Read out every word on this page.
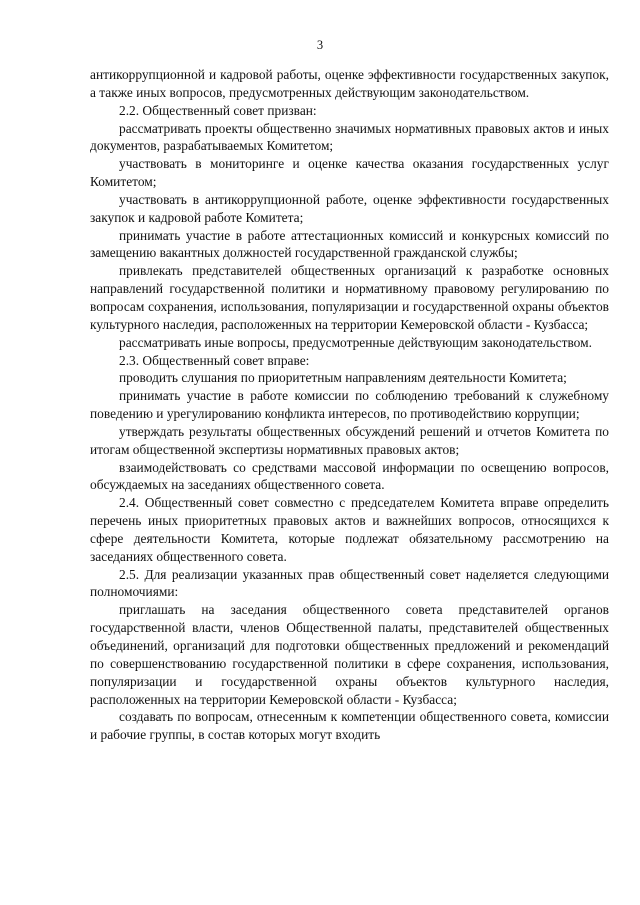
3

антикоррупционной и кадровой работы, оценке эффективности государственных закупок, а также иных вопросов, предусмотренных действующим законодательством.

2.2. Общественный совет призван:

рассматривать проекты общественно значимых нормативных правовых актов и иных документов, разрабатываемых Комитетом;

участвовать в мониторинге и оценке качества оказания государственных услуг Комитетом;

участвовать в антикоррупционной работе, оценке эффективности государственных закупок и кадровой работе Комитета;

принимать участие в работе аттестационных комиссий и конкурсных комиссий по замещению вакантных должностей государственной гражданской службы;

привлекать представителей общественных организаций к разработке основных направлений государственной политики и нормативному правовому регулированию по вопросам сохранения, использования, популяризации и государственной охраны объектов культурного наследия, расположенных на территории Кемеровской области - Кузбасса;

рассматривать иные вопросы, предусмотренные действующим законодательством.

2.3. Общественный совет вправе:

проводить слушания по приоритетным направлениям деятельности Комитета;

принимать участие в работе комиссии по соблюдению требований к служебному поведению и урегулированию конфликта интересов, по противодействию коррупции;

утверждать результаты общественных обсуждений решений и отчетов Комитета по итогам общественной экспертизы нормативных правовых актов;

взаимодействовать со средствами массовой информации по освещению вопросов, обсуждаемых на заседаниях общественного совета.

2.4. Общественный совет совместно с председателем Комитета вправе определить перечень иных приоритетных правовых актов и важнейших вопросов, относящихся к сфере деятельности Комитета, которые подлежат обязательному рассмотрению на заседаниях общественного совета.

2.5. Для реализации указанных прав общественный совет наделяется следующими полномочиями:

приглашать на заседания общественного совета представителей органов государственной власти, членов Общественной палаты, представителей общественных объединений, организаций для подготовки общественных предложений и рекомендаций по совершенствованию государственной политики в сфере сохранения, использования, популяризации и государственной охраны объектов культурного наследия, расположенных на территории Кемеровской области - Кузбасса;

создавать по вопросам, отнесенным к компетенции общественного совета, комиссии и рабочие группы, в состав которых могут входить
